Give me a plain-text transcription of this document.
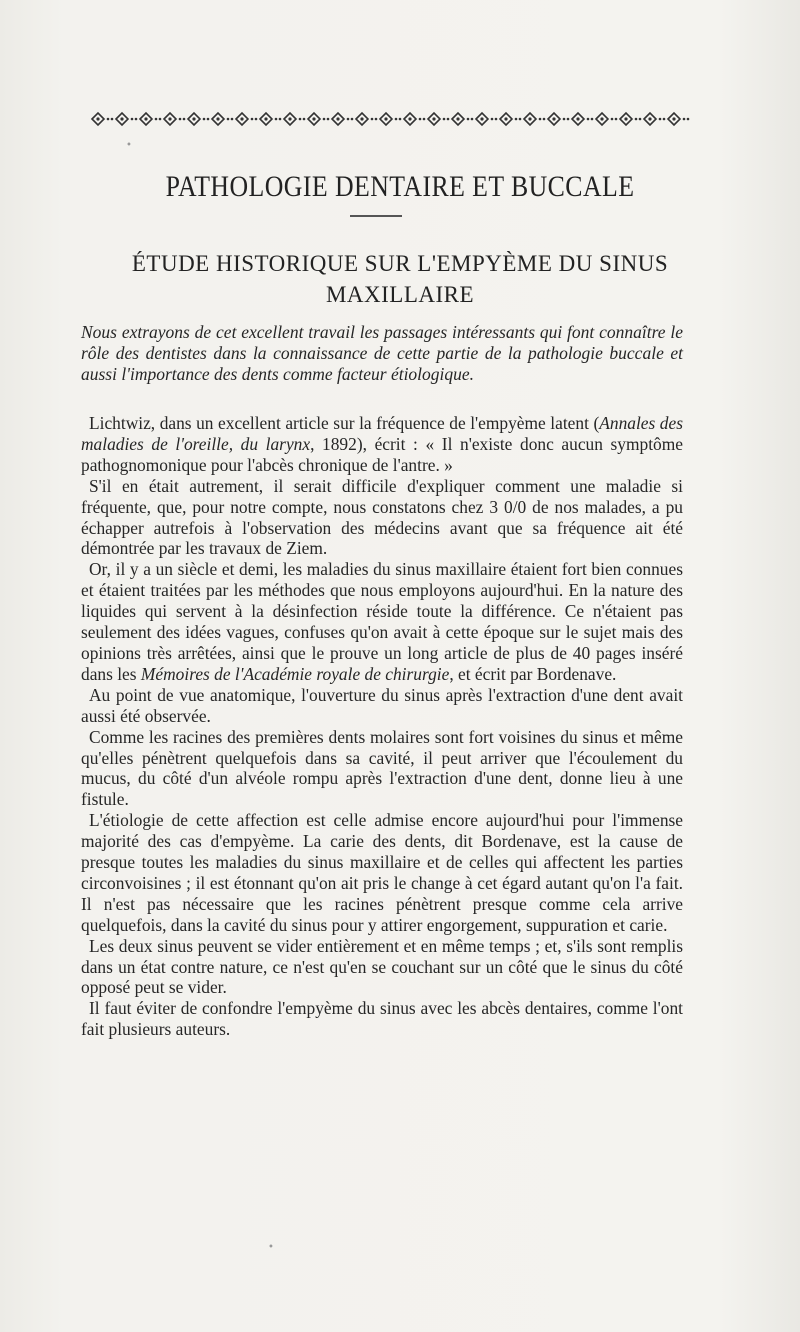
PATHOLOGIE DENTAIRE ET BUCCALE
ÉTUDE HISTORIQUE SUR L'EMPYÈME DU SINUS
MAXILLAIRE
Nous extrayons de cet excellent travail les passages intéressants qui font connaître le rôle des dentistes dans la connaissance de cette partie de la pathologie buccale et aussi l'importance des dents comme facteur étiologique.

Lichtwiz, dans un excellent article sur la fréquence de l'empyème latent (Annales des maladies de l'oreille, du larynx, 1892), écrit : « Il n'existe donc aucun symptôme pathognomonique pour l'abcès chronique de l'antre. »

S'il en était autrement, il serait difficile d'expliquer comment une maladie si fréquente, que, pour notre compte, nous constatons chez 3 0/0 de nos malades, a pu échapper autrefois à l'observation des médecins avant que sa fréquence ait été démontrée par les travaux de Ziem.

Or, il y a un siècle et demi, les maladies du sinus maxillaire étaient fort bien connues et étaient traitées par les méthodes que nous employons aujourd'hui. En la nature des liquides qui servent à la désinfection réside toute la différence. Ce n'étaient pas seulement des idées vagues, confuses qu'on avait à cette époque sur le sujet mais des opinions très arrêtées, ainsi que le prouve un long article de plus de 40 pages inséré dans les Mémoires de l'Académie royale de chirurgie, et écrit par Bordenave.

Au point de vue anatomique, l'ouverture du sinus après l'extraction d'une dent avait aussi été observée.

Comme les racines des premières dents molaires sont fort voisines du sinus et même qu'elles pénètrent quelquefois dans sa cavité, il peut arriver que l'écoulement du mucus, du côté d'un alvéole rompu après l'extraction d'une dent, donne lieu à une fistule.

L'étiologie de cette affection est celle admise encore aujourd'hui pour l'immense majorité des cas d'empyème. La carie des dents, dit Bordenave, est la cause de presque toutes les maladies du sinus maxillaire et de celles qui affectent les parties circonvoisines ; il est étonnant qu'on ait pris le change à cet égard autant qu'on l'a fait. Il n'est pas nécessaire que les racines pénètrent presque comme cela arrive quelquefois, dans la cavité du sinus pour y attirer engorgement, suppuration et carie.

Les deux sinus peuvent se vider entièrement et en même temps ; et, s'ils sont remplis dans un état contre nature, ce n'est qu'en se couchant sur un côté que le sinus du côté opposé peut se vider.

Il faut éviter de confondre l'empyème du sinus avec les abcès dentaires, comme l'ont fait plusieurs auteurs.

•
•
